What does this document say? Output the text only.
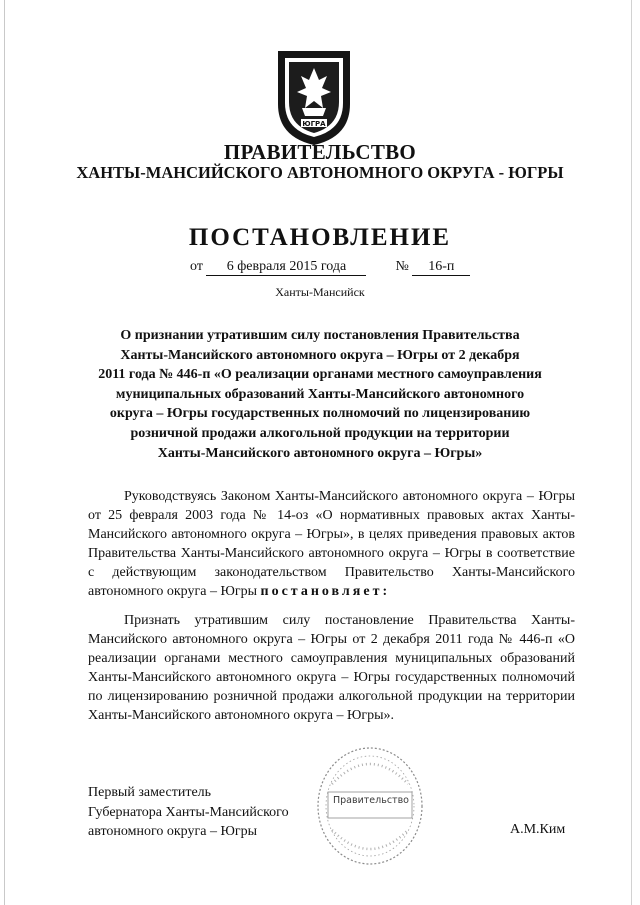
ЮГРА
ПРАВИТЕЛЬСТВО
ХАНТЫ-МАНСИЙСКОГО АВТОНОМНОГО ОКРУГА - ЮГРЫ
ПОСТАНОВЛЕНИЕ
от 6 февраля 2015 года	№ 16-п
Ханты-Мансийск
О признании утратившим силу постановления Правительства
Ханты-Мансийского автономного округа – Югры от 2 декабря
2011 года № 446-п «О реализации органами местного самоуправления
муниципальных образований Ханты-Мансийского автономного
округа – Югры государственных полномочий по лицензированию
розничной продажи алкогольной продукции на территории
Ханты-Мансийского автономного округа – Югры»

Руководствуясь Законом Ханты-Мансийского автономного округа – Югры от 25 февраля 2003 года № 14-оз «О нормативных правовых актах Ханты-Мансийского автономного округа – Югры», в целях приведения правовых актов Правительства Ханты-Мансийского автономного округа – Югры в соответствие с действующим законодательством Правительство Ханты-Мансийского автономного округа – Югры постановляет:

Признать утратившим силу постановление Правительства Ханты-Мансийского автономного округа – Югры от 2 декабря 2011 года № 446-п «О реализации органами местного самоуправления муниципальных образований Ханты-Мансийского автономного округа – Югры государственных полномочий по лицензированию розничной продажи алкогольной продукции на территории Ханты-Мансийского автономного округа – Югры».

Первый заместитель
Губернатора Ханты-Мансийского
автономного округа – Югры
Правительство
А.М.Ким
